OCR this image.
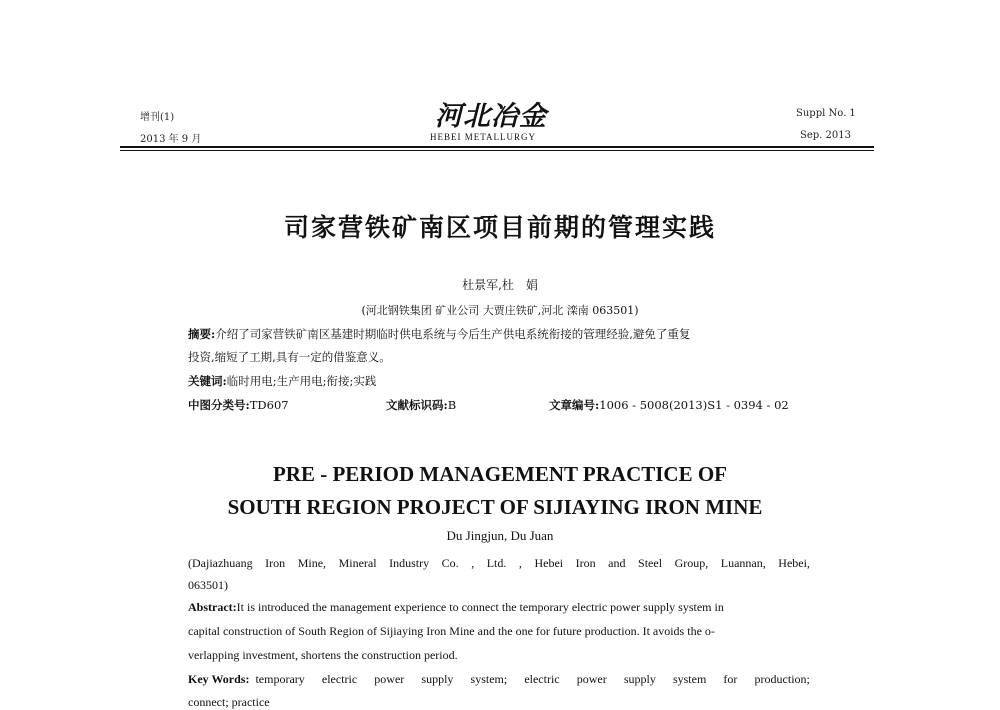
增刊(1)
2013 年 9 月
河北冶金
HEBEI METALLURGY
Suppl No. 1
Sep. 2013
司家营铁矿南区项目前期的管理实践
杜景军,杜　娟
(河北钢铁集团 矿业公司 大贾庄铁矿,河北 滦南 063501)
摘要:介绍了司家营铁矿南区基建时期临时供电系统与今后生产供电系统衔接的管理经验,避免了重复
投资,缩短了工期,具有一定的借鉴意义。
关键词:临时用电;生产用电;衔接;实践
中图分类号:TD607	文献标识码:B	文章编号:1006 - 5008(2013)S1 - 0394 - 02
PRE - PERIOD MANAGEMENT PRACTICE OF
SOUTH REGION PROJECT OF SIJIAYING IRON MINE
Du Jingjun, Du Juan
(Dajiazhuang Iron Mine, Mineral Industry Co. , Ltd. , Hebei Iron and Steel Group, Luannan, Hebei,
063501)
Abstract:It is introduced the management experience to connect the temporary electric power supply system in
capital construction of South Region of Sijiaying Iron Mine and the one for future production. It avoids the o-
verlapping investment, shortens the construction period.
Key Words: temporary electric power supply system; electric power supply system for production;
connect; practice
